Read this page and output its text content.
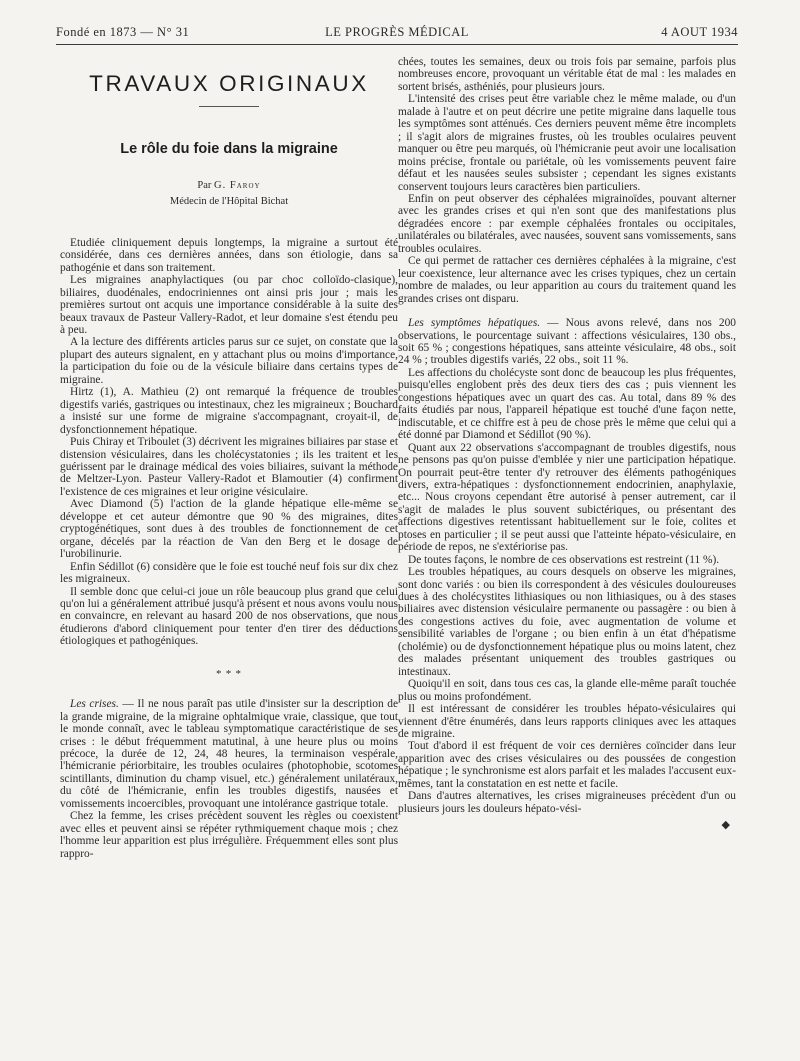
Fondé en 1873 — N° 31	LE PROGRÈS MÉDICAL	4 AOUT 1934
TRAVAUX ORIGINAUX
Le rôle du foie dans la migraine
Par G. Faroy
Médecin de l'Hôpital Bichat

Etudiée cliniquement depuis longtemps, la migraine a surtout été considérée, dans ces dernières années, dans son étiologie, dans sa pathogénie et dans son traitement.

Les migraines anaphylactiques (ou par choc colloïdo-clasique), biliaires, duodénales, endocriniennes ont ainsi pris jour ; mais les premières surtout ont acquis une importance considérable à la suite des beaux travaux de Pasteur Vallery-Radot, et leur domaine s'est étendu peu à peu.

A la lecture des différents articles parus sur ce sujet, on constate que la plupart des auteurs signalent, en y attachant plus ou moins d'importance, la participation du foie ou de la vésicule biliaire dans certains types de migraine.

Hirtz (1), A. Mathieu (2) ont remarqué la fréquence de troubles digestifs variés, gastriques ou intestinaux, chez les migraineux ; Bouchard a insisté sur une forme de migraine s'accompagnant, croyait-il, de dysfonctionnement hépatique.

Puis Chiray et Triboulet (3) décrivent les migraines biliaires par stase et distension vésiculaires, dans les cholécystatonies ; ils les traitent et les guérissent par le drainage médical des voies biliaires, suivant la méthode de Meltzer-Lyon. Pasteur Vallery-Radot et Blamoutier (4) confirment l'existence de ces migraines et leur origine vésiculaire.

Avec Diamond (5) l'action de la glande hépatique elle-même se développe et cet auteur démontre que 90 % des migraines, dites cryptogénétiques, sont dues à des troubles de fonctionnement de cet organe, décelés par la réaction de Van den Berg et le dosage de l'urobilinurie.

Enfin Sédillot (6) considère que le foie est touché neuf fois sur dix chez les migraineux.

Il semble donc que celui-ci joue un rôle beaucoup plus grand que celui qu'on lui a généralement attribué jusqu'à présent et nous avons voulu nous en convaincre, en relevant au hasard 200 de nos observations, que nous étudierons d'abord cliniquement pour tenter d'en tirer des déductions étiologiques et pathogéniques.

* * *

Les crises. — Il ne nous paraît pas utile d'insister sur la description de la grande migraine, de la migraine ophtalmique vraie, classique, que tout le monde connaît, avec le tableau symptomatique caractéristique de ses crises : le début fréquemment matutinal, à une heure plus ou moins précoce, la durée de 12, 24, 48 heures, la terminaison vespérale, l'hémicranie périorbitaire, les troubles oculaires (photophobie, scotomes scintillants, diminution du champ visuel, etc.) généralement unilatéraux, du côté de l'hémicranie, enfin les troubles digestifs, nausées et vomissements incoercibles, provoquant une intolérance gastrique totale.

Chez la femme, les crises précèdent souvent les règles ou coexistent avec elles et peuvent ainsi se répéter rythmiquement chaque mois ; chez l'homme leur apparition est plus irrégulière. Fréquemment elles sont plus rappro-

chées, toutes les semaines, deux ou trois fois par semaine, parfois plus nombreuses encore, provoquant un véritable état de mal : les malades en sortent brisés, asthéniés, pour plusieurs jours.

L'intensité des crises peut être variable chez le même malade, ou d'un malade à l'autre et on peut décrire une petite migraine dans laquelle tous les symptômes sont atténués. Ces derniers peuvent même être incomplets ; il s'agit alors de migraines frustes, où les troubles oculaires peuvent manquer ou être peu marqués, où l'hémicranie peut avoir une localisation moins précise, frontale ou pariétale, où les vomissements peuvent faire défaut et les nausées seules subsister ; cependant les signes existants conservent toujours leurs caractères bien particuliers.

Enfin on peut observer des céphalées migrainoïdes, pouvant alterner avec les grandes crises et qui n'en sont que des manifestations plus dégradées encore : par exemple céphalées frontales ou occipitales, unilatérales ou bilatérales, avec nausées, souvent sans vomissements, sans troubles oculaires.

Ce qui permet de rattacher ces dernières céphalées à la migraine, c'est leur coexistence, leur alternance avec les crises typiques, chez un certain nombre de malades, ou leur apparition au cours du traitement quand les grandes crises ont disparu.

Les symptômes hépatiques. — Nous avons relevé, dans nos 200 observations, le pourcentage suivant : affections vésiculaires, 130 obs., soit 65 % ; congestions hépatiques, sans atteinte vésiculaire, 48 obs., soit 24 % ; troubles digestifs variés, 22 obs., soit 11 %.

Les affections du cholécyste sont donc de beaucoup les plus fréquentes, puisqu'elles englobent près des deux tiers des cas ; puis viennent les congestions hépatiques avec un quart des cas. Au total, dans 89 % des faits étudiés par nous, l'appareil hépatique est touché d'une façon nette, indiscutable, et ce chiffre est à peu de chose près le même que celui qui a été donné par Diamond et Sédillot (90 %).

Quant aux 22 observations s'accompagnant de troubles digestifs, nous ne pensons pas qu'on puisse d'emblée y nier une participation hépatique. On pourrait peut-être tenter d'y retrouver des éléments pathogéniques divers, extra-hépatiques : dysfonctionnement endocrinien, anaphylaxie, etc... Nous croyons cependant être autorisé à penser autrement, car il s'agit de malades le plus souvent subictériques, ou présentant des affections digestives retentissant habituellement sur le foie, colites et ptoses en particulier ; il se peut aussi que l'atteinte hépato-vésiculaire, en période de repos, ne s'extériorise pas.

De toutes façons, le nombre de ces observations est restreint (11 %).

Les troubles hépatiques, au cours desquels on observe les migraines, sont donc variés : ou bien ils correspondent à des vésicules douloureuses dues à des cholécystites lithiasiques ou non lithiasiques, ou à des stases biliaires avec distension vésiculaire permanente ou passagère : ou bien à des congestions actives du foie, avec augmentation de volume et sensibilité variables de l'organe ; ou bien enfin à un état d'hépatisme (cholémie) ou de dysfonctionnement hépatique plus ou moins latent, chez des malades présentant uniquement des troubles gastriques ou intestinaux.

Quoiqu'il en soit, dans tous ces cas, la glande elle-même paraît touchée plus ou moins profondément.

Il est intéressant de considérer les troubles hépato-vésiculaires qui viennent d'être énumérés, dans leurs rapports cliniques avec les attaques de migraine.

Tout d'abord il est fréquent de voir ces dernières coïncider dans leur apparition avec des crises vésiculaires ou des poussées de congestion hépatique ; le synchronisme est alors parfait et les malades l'accusent eux-mêmes, tant la constatation en est nette et facile.

Dans d'autres alternatives, les crises migraineuses précèdent d'un ou plusieurs jours les douleurs hépato-vési-

◆
